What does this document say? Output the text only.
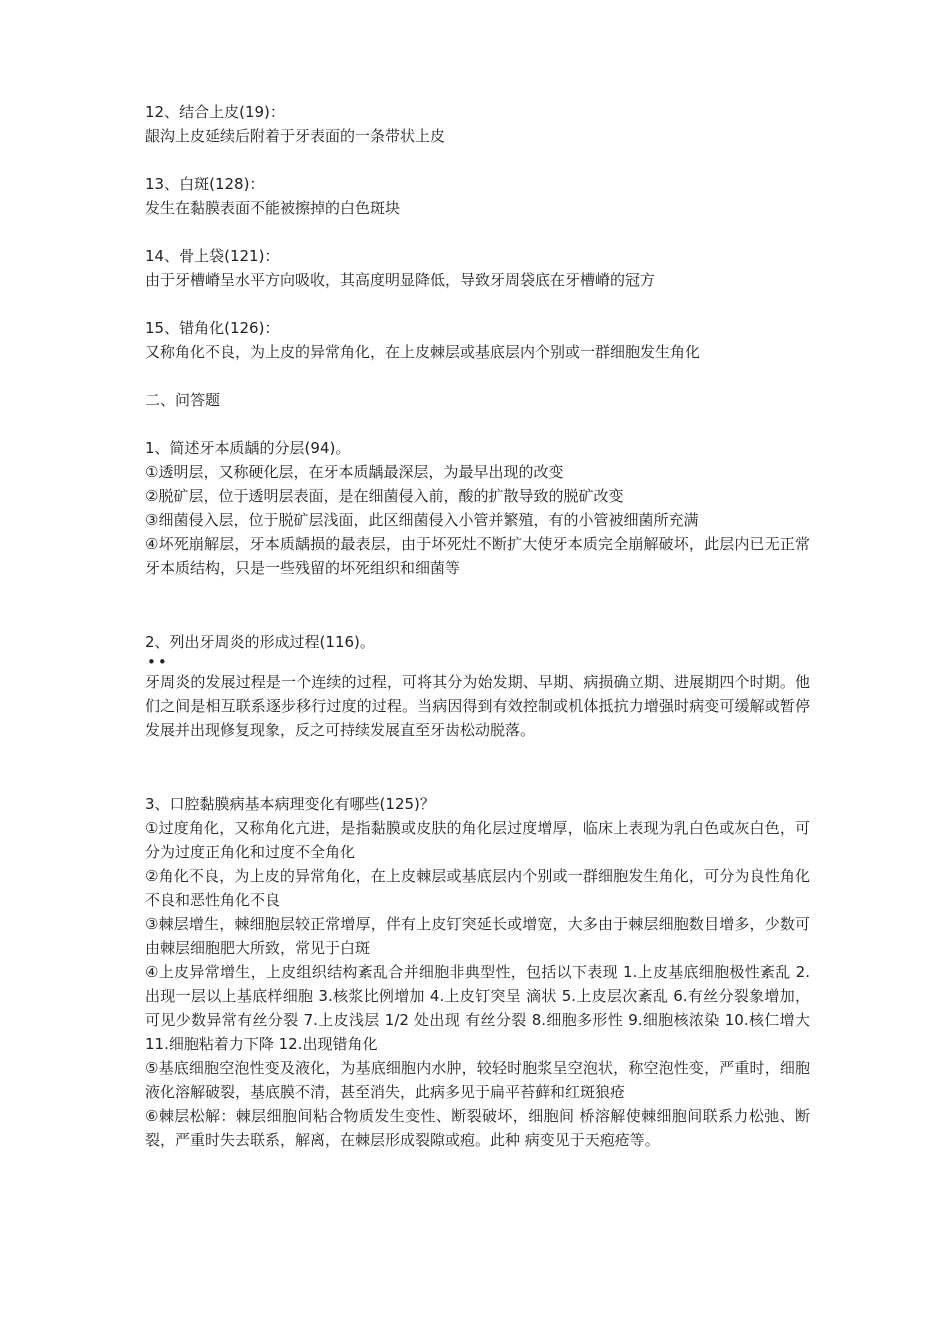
12、结合上皮(19)：

龈沟上皮延续后附着于牙表面的一条带状上皮

13、白斑(128)：

发生在黏膜表面不能被擦掉的白色斑块

14、骨上袋(121)：

由于牙槽嵴呈水平方向吸收，其高度明显降低，导致牙周袋底在牙槽嵴的冠方

15、错角化(126)：

又称角化不良，为上皮的异常角化，在上皮棘层或基底层内个别或一群细胞发生角化

二、问答题

1、简述牙本质龋的分层(94)。

①透明层，又称硬化层，在牙本质龋最深层，为最早出现的改变

②脱矿层，位于透明层表面，是在细菌侵入前，酸的扩散导致的脱矿改变

③细菌侵入层，位于脱矿层浅面，此区细菌侵入小管并繁殖，有的小管被细菌所充满

④坏死崩解层，牙本质龋损的最表层，由于坏死灶不断扩大使牙本质完全崩解破坏，此层内已无正常牙本质结构，只是一些残留的坏死组织和细菌等

2、列出牙周炎的形成过程(116)。

••

牙周炎的发展过程是一个连续的过程，可将其分为始发期、早期、病损确立期、进展期四个时期。他们之间是相互联系逐步移行过度的过程。当病因得到有效控制或机体抵抗力增强时病变可缓解或暂停发展并出现修复现象，反之可持续发展直至牙齿松动脱落。

3、口腔黏膜病基本病理变化有哪些(125)？

①过度角化，又称角化亢进，是指黏膜或皮肤的角化层过度增厚，临床上表现为乳白色或灰白色，可分为过度正角化和过度不全角化

②角化不良，为上皮的异常角化，在上皮棘层或基底层内个别或一群细胞发生角化，可分为良性角化不良和恶性角化不良

③棘层增生，棘细胞层较正常增厚，伴有上皮钉突延长或增宽，大多由于棘层细胞数目增多，少数可由棘层细胞肥大所致，常见于白斑

④上皮异常增生，上皮组织结构紊乱合并细胞非典型性，包括以下表现 1.上皮基底细胞极性紊乱 2.出现一层以上基底样细胞 3.核浆比例增加 4.上皮钉突呈 滴状 5.上皮层次紊乱 6.有丝分裂象增加，可见少数异常有丝分裂 7.上皮浅层 1/2 处出现 有丝分裂 8.细胞多形性 9.细胞核浓染 10.核仁增大 11.细胞粘着力下降 12.出现错角化

⑤基底细胞空泡性变及液化，为基底细胞内水肿，较轻时胞浆呈空泡状，称空泡性变，严重时，细胞液化溶解破裂，基底膜不清，甚至消失，此病多见于扁平苔藓和红斑狼疮

⑥棘层松解：棘层细胞间粘合物质发生变性、断裂破坏，细胞间 桥溶解使棘细胞间联系力松弛、断裂，严重时失去联系，解离，在棘层形成裂隙或疱。此种 病变见于天疱疮等。
